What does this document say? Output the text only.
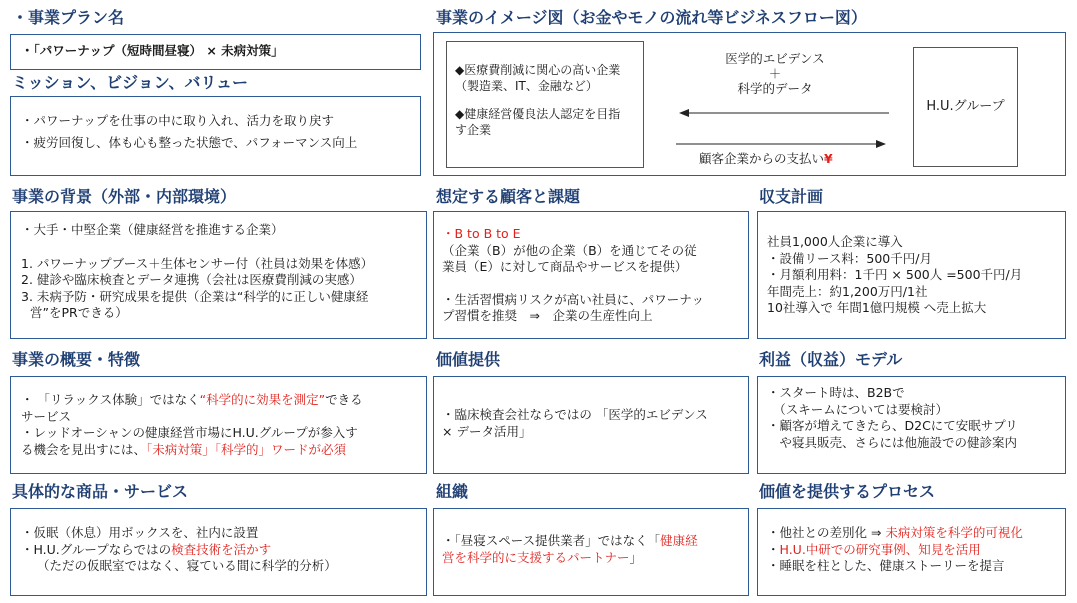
・事業プラン名

・「パワーナップ（短時間昼寝） × 未病対策」

ミッション、ビジョン、バリュー

・パワーナップを仕事の中に取り入れ、活力を取り戻す

・疲労回復し、体も心も整った状態で、パフォーマンス向上

事業のイメージ図（お金やモノの流れ等ビジネスフロー図）

◆医療費削減に関心の高い企業

（製造業、IT、金融など）

◆健康経営優良法人認定を目指

す企業

H.U.グループ
医学的エビデンス
＋
科学的データ
顧客企業からの支払い¥
事業の背景（外部・内部環境）

・大手・中堅企業（健康経営を推進する企業）

1. パワーナップブース＋生体センサー付（社員は効果を体感）

2. 健診や臨床検査とデータ連携（会社は医療費削減の実感）

3. 未病予防・研究成果を提供（企業は“科学的に正しい健康経

営”をPRできる）

想定する顧客と課題

・B to B to E

（企業（B）が他の企業（B）を通じてその従

業員（E）に対して商品やサービスを提供）

・生活習慣病リスクが高い社員に、パワーナッ

プ習慣を推奨　⇒　企業の生産性向上

収支計画

社員1,000人企業に導入

・設備リース料：500千円/月

・月額利用料：1千円 × 500人 =500千円/月

年間売上：約1,200万円/1社

10社導入で 年間1億円規模 へ売上拡大

事業の概要・特徴

・ 「リラックス体験」ではなく“科学的に効果を測定”できる

サービス

・レッドオーシャンの健康経営市場にH.U.グループが参入す

る機会を見出すには、「未病対策」「科学的」ワードが必須

価値提供

・臨床検査会社ならではの 「医学的エビデンス

× データ活用」

利益（収益）モデル

・スタート時は、B2Bで

　（スキームについては要検討）

・顧客が増えてきたら、D2Cにて安眠サプリ

　や寝具販売、さらには他施設での健診案内

具体的な商品・サービス

・仮眠（休息）用ボックスを、社内に設置

・H.U.グループならではの検査技術を活かす

（ただの仮眠室ではなく、寝ている間に科学的分析）

組織

・「昼寝スペース提供業者」ではなく「健康経

営を科学的に支援するパートナー」

価値を提供するプロセス

・他社との差別化 ⇒ 未病対策を科学的可視化

・H.U.中研での研究事例、知見を活用

・睡眠を柱とした、健康ストーリーを提言
